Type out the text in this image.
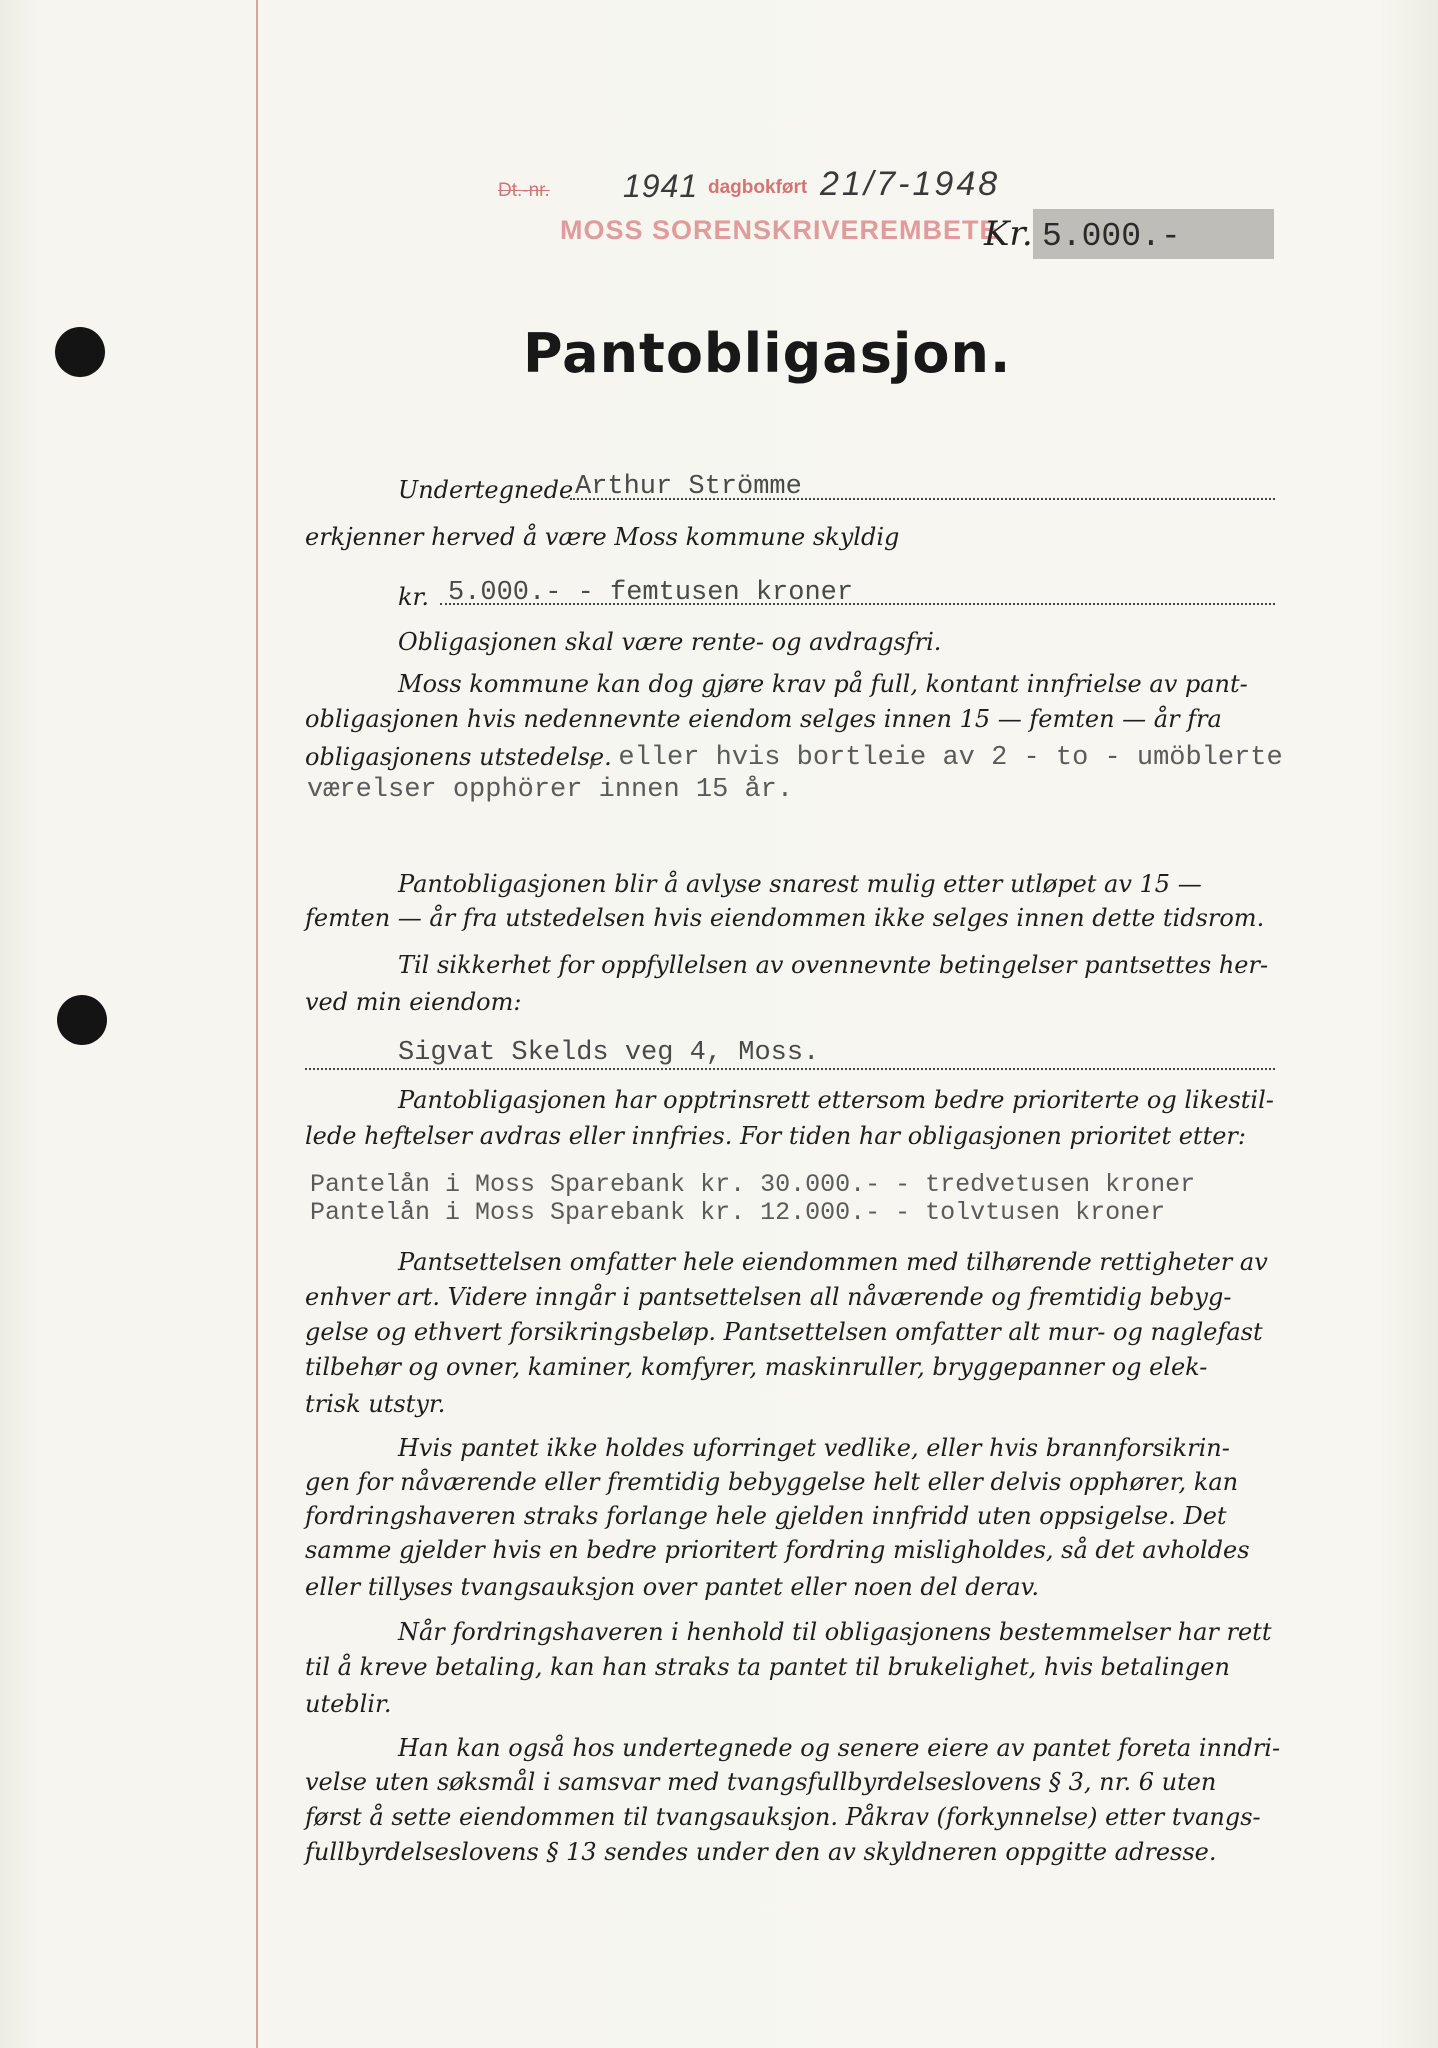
Dt.-nr. 1941 dagbokført 21/7-1948
MOSS SORENSKRIVEREMBETE
Kr. 5.000.-
Pantobligasjon.
Undertegnede Arthur Strömme
erkjenner herved å være Moss kommune skyldig
kr. 5.000.- - femtusen kroner
Obligasjonen skal være rente- og avdragsfri.
Moss kommune kan dog gjøre krav på full, kontant innfrielse av pant-
obligasjonen hvis nedennevnte eiendom selges innen 15 — femten — år fra
obligasjonens utstedelse.
, eller hvis bortleie av 2 - to - umöblerte
værelser opphörer innen 15 år.
Pantobligasjonen blir å avlyse snarest mulig etter utløpet av 15 —
femten — år fra utstedelsen hvis eiendommen ikke selges innen dette tidsrom.
Til sikkerhet for oppfyllelsen av ovennevnte betingelser pantsettes her-
ved min eiendom:
Sigvat Skelds veg 4, Moss.
Pantobligasjonen har opptrinsrett ettersom bedre prioriterte og likestil-
lede heftelser avdras eller innfries. For tiden har obligasjonen prioritet etter:
Pantelån i Moss Sparebank kr. 30.000.- - tredvetusen kroner
Pantelån i Moss Sparebank kr. 12.000.- - tolvtusen kroner
Pantsettelsen omfatter hele eiendommen med tilhørende rettigheter av
enhver art. Videre inngår i pantsettelsen all nåværende og fremtidig bebyg-
gelse og ethvert forsikringsbeløp. Pantsettelsen omfatter alt mur- og naglefast
tilbehør og ovner, kaminer, komfyrer, maskinruller, bryggepanner og elek-
trisk utstyr.
Hvis pantet ikke holdes uforringet vedlike, eller hvis brannforsikrin-
gen for nåværende eller fremtidig bebyggelse helt eller delvis opphører, kan
fordringshaveren straks forlange hele gjelden innfridd uten oppsigelse. Det
samme gjelder hvis en bedre prioritert fordring misligholdes, så det avholdes
eller tillyses tvangsauksjon over pantet eller noen del derav.
Når fordringshaveren i henhold til obligasjonens bestemmelser har rett
til å kreve betaling, kan han straks ta pantet til brukelighet, hvis betalingen
uteblir.
Han kan også hos undertegnede og senere eiere av pantet foreta inndri-
velse uten søksmål i samsvar med tvangsfullbyrdelseslovens § 3, nr. 6 uten
først å sette eiendommen til tvangsauksjon. Påkrav (forkynnelse) etter tvangs-
fullbyrdelseslovens § 13 sendes under den av skyldneren oppgitte adresse.
